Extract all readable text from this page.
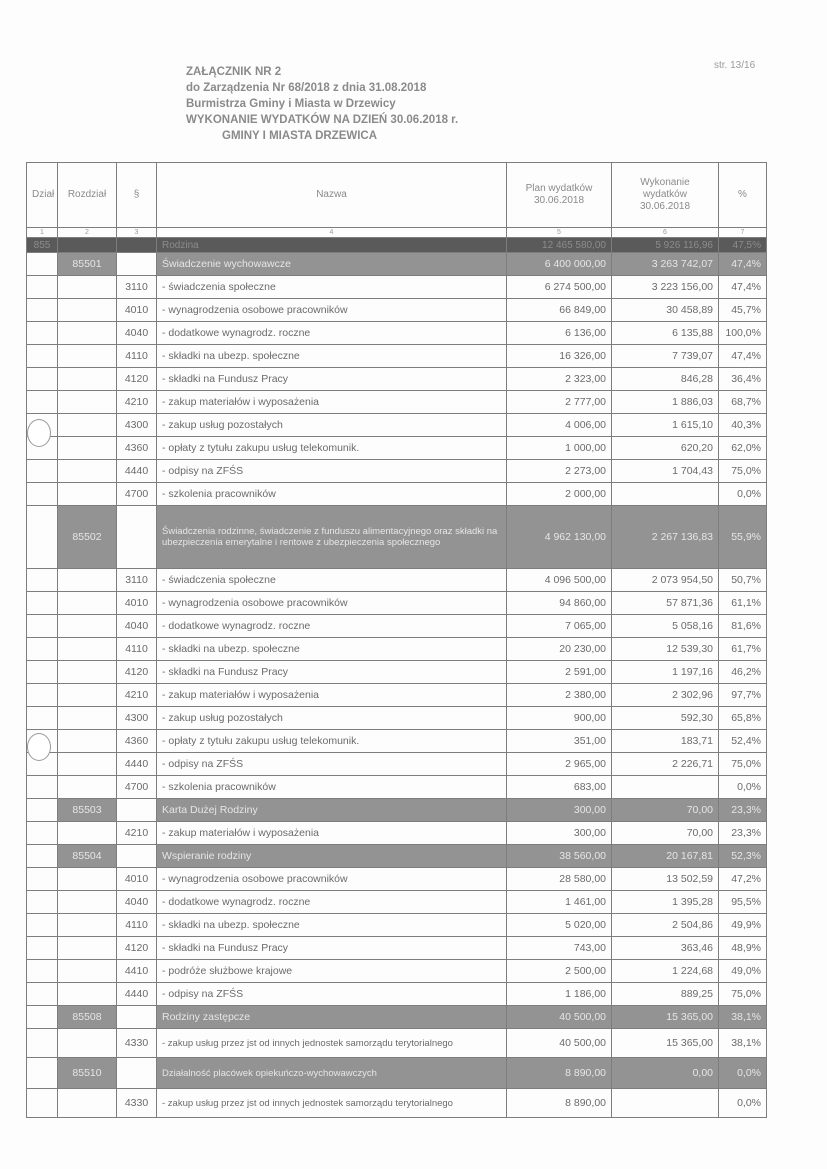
str. 13/16
ZAŁĄCZNIK NR 2
do Zarządzenia Nr 68/2018 z dnia 31.08.2018
Burmistrza Gminy i Miasta w Drzewicy
WYKONANIE WYDATKÓW NA DZIEŃ 30.06.2018 r.
GMINY I MIASTA DRZEWICA
Dział	Rozdział	§	Nazwa	Plan wydatków 30.06.2018	Wykonanie wydatków 30.06.2018	%
1	2	3	4	5	6	7
855			Rodzina	12 465 580,00	5 926 116,96	47,5%
	85501		Świadczenie wychowawcze	6 400 000,00	3 263 742,07	47,4%
		3110	- świadczenia społeczne	6 274 500,00	3 223 156,00	47,4%
		4010	- wynagrodzenia osobowe pracowników	66 849,00	30 458,89	45,7%
		4040	- dodatkowe wynagrodz. roczne	6 136,00	6 135,88	100,0%
		4110	- składki na ubezp. społeczne	16 326,00	7 739,07	47,4%
		4120	- składki na Fundusz Pracy	2 323,00	846,28	36,4%
		4210	- zakup materiałów i wyposażenia	2 777,00	1 886,03	68,7%
		4300	- zakup usług pozostałych	4 006,00	1 615,10	40,3%
		4360	- opłaty z tytułu zakupu usług telekomunik.	1 000,00	620,20	62,0%
		4440	- odpisy na ZFŚS	2 273,00	1 704,43	75,0%
		4700	- szkolenia pracowników	2 000,00		0,0%
	85502		Świadczenia rodzinne, świadczenie z funduszu alimentacyjnego oraz składki na ubezpieczenia emerytalne i rentowe z ubezpieczenia społecznego	4 962 130,00	2 267 136,83	55,9%
		3110	- świadczenia społeczne	4 096 500,00	2 073 954,50	50,7%
		4010	- wynagrodzenia osobowe pracowników	94 860,00	57 871,36	61,1%
		4040	- dodatkowe wynagrodz. roczne	7 065,00	5 058,16	81,6%
		4110	- składki na ubezp. społeczne	20 230,00	12 539,30	61,7%
		4120	- składki na Fundusz Pracy	2 591,00	1 197,16	46,2%
		4210	- zakup materiałów i wyposażenia	2 380,00	2 302,96	97,7%
		4300	- zakup usług pozostałych	900,00	592,30	65,8%
		4360	- opłaty z tytułu zakupu usług telekomunik.	351,00	183,71	52,4%
		4440	- odpisy na ZFŚS	2 965,00	2 226,71	75,0%
		4700	- szkolenia pracowników	683,00		0,0%
	85503		Karta Dużej Rodziny	300,00	70,00	23,3%
		4210	- zakup materiałów i wyposażenia	300,00	70,00	23,3%
	85504		Wspieranie rodziny	38 560,00	20 167,81	52,3%
		4010	- wynagrodzenia osobowe pracowników	28 580,00	13 502,59	47,2%
		4040	- dodatkowe wynagrodz. roczne	1 461,00	1 395,28	95,5%
		4110	- składki na ubezp. społeczne	5 020,00	2 504,86	49,9%
		4120	- składki na Fundusz Pracy	743,00	363,46	48,9%
		4410	- podróże służbowe krajowe	2 500,00	1 224,68	49,0%
		4440	- odpisy na ZFŚS	1 186,00	889,25	75,0%
	85508		Rodziny zastępcze	40 500,00	15 365,00	38,1%
		4330	- zakup usług przez jst od innych jednostek samorządu terytorialnego	40 500,00	15 365,00	38,1%
	85510		Działalność placówek opiekuńczo-wychowawczych	8 890,00	0,00	0,0%
		4330	- zakup usług przez jst od innych jednostek samorządu terytorialnego	8 890,00		0,0%
